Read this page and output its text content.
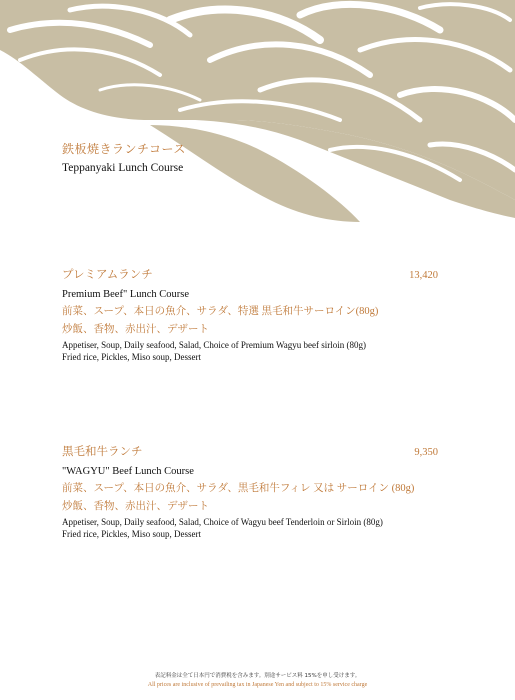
鉄板焼きランチコース
Teppanyaki Lunch Course
プレミアムランチ	13,420
Premium Beef" Lunch Course
前菜、スープ、本日の魚介、サラダ、特選 黒毛和牛サーロイン(80g)
炒飯、香物、赤出汁、デザート
Appetiser, Soup, Daily seafood, Salad, Choice of Premium Wagyu beef sirloin (80g)
Fried rice, Pickles, Miso soup, Dessert
黒毛和牛ランチ	9,350
"WAGYU" Beef Lunch Course
前菜、スープ、本日の魚介、サラダ、黒毛和牛フィレ 又は サーロイン (80g)
炒飯、香物、赤出汁、デザート
Appetiser, Soup, Daily seafood, Salad, Choice of Wagyu beef Tenderloin or Sirloin (80g)
Fried rice, Pickles, Miso soup, Dessert
表記料金は全て日本円で消費税を含みます。別途サービス料 15%を申し受けます。
All prices are inclusive of prevailing tax in Japanese Yen and subject to 15% service charge
